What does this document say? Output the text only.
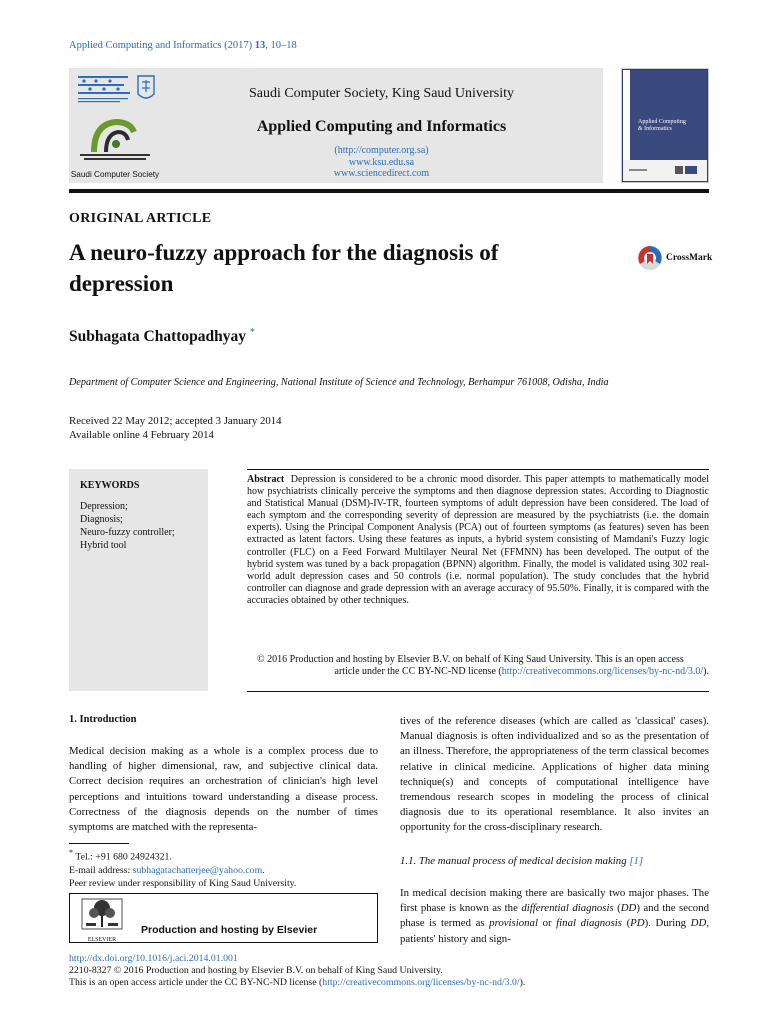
Applied Computing and Informatics (2017) 13, 10–18
Saudi Computer Society
Saudi Computer Society, King Saud University
Applied Computing and Informatics
(http://computer.org.sa)
www.ksu.edu.sa
www.sciencedirect.com
Applied Computing
& Informatics
ORIGINAL ARTICLE
A neuro-fuzzy approach for the diagnosis of depression
CrossMark
Subhagata Chattopadhyay *
Department of Computer Science and Engineering, National Institute of Science and Technology, Berhampur 761008, Odisha, India
Received 22 May 2012; accepted 3 January 2014
Available online 4 February 2014
KEYWORDS
Depression;
Diagnosis;
Neuro-fuzzy controller;
Hybrid tool
Abstract Depression is considered to be a chronic mood disorder. This paper attempts to mathematically model how psychiatrists clinically perceive the symptoms and then diagnose depression states. According to Diagnostic and Statistical Manual (DSM)-IV-TR, fourteen symptoms of adult depression have been considered. The load of each symptom and the corresponding severity of depression are measured by the psychiatrists (i.e. the domain experts). Using the Principal Component Analysis (PCA) out of fourteen symptoms (as features) seven has been extracted as latent factors. Using these features as inputs, a hybrid system consisting of Mamdani's Fuzzy logic controller (FLC) on a Feed Forward Multilayer Neural Net (FFMNN) has been developed. The output of the hybrid system was tuned by a back propagation (BPNN) algorithm. Finally, the model is validated using 302 real-world adult depression cases and 50 controls (i.e. normal population). The study concludes that the hybrid controller can diagnose and grade depression with an average accuracy of 95.50%. Finally, it is compared with the accuracies obtained by other techniques.
© 2016 Production and hosting by Elsevier B.V. on behalf of King Saud University. This is an open access
article under the CC BY-NC-ND license (http://creativecommons.org/licenses/by-nc-nd/3.0/).
1. Introduction
Medical decision making as a whole is a complex process due to handling of higher dimensional, raw, and subjective clinical data. Correct decision requires an orchestration of clinician's high level perceptions and intuitions toward understanding a disease process. Correctness of the diagnosis depends on the number of times symptoms are matched with the representa-
* Tel.: +91 680 24924321.
E-mail address: subhagatachatterjee@yahoo.com.
Peer review under responsibility of King Saud University.
ELSEVIER
Production and hosting by Elsevier
tives of the reference diseases (which are called as 'classical' cases). Manual diagnosis is often individualized and so as the presentation of an illness. Therefore, the appropriateness of the term classical becomes relative in clinical medicine. Applications of higher data mining technique(s) and concepts of computational intelligence have tremendous research scopes in modeling the process of clinical diagnosis due to its operational resemblance. It also invites an opportunity for the cross-disciplinary research.
1.1. The manual process of medical decision making [1]
In medical decision making there are basically two major phases. The first phase is known as the differential diagnosis (DD) and the second phase is termed as provisional or final diagnosis (PD). During DD, patients' history and sign-
http://dx.doi.org/10.1016/j.aci.2014.01.001
2210-8327 © 2016 Production and hosting by Elsevier B.V. on behalf of King Saud University.
This is an open access article under the CC BY-NC-ND license (http://creativecommons.org/licenses/by-nc-nd/3.0/).
